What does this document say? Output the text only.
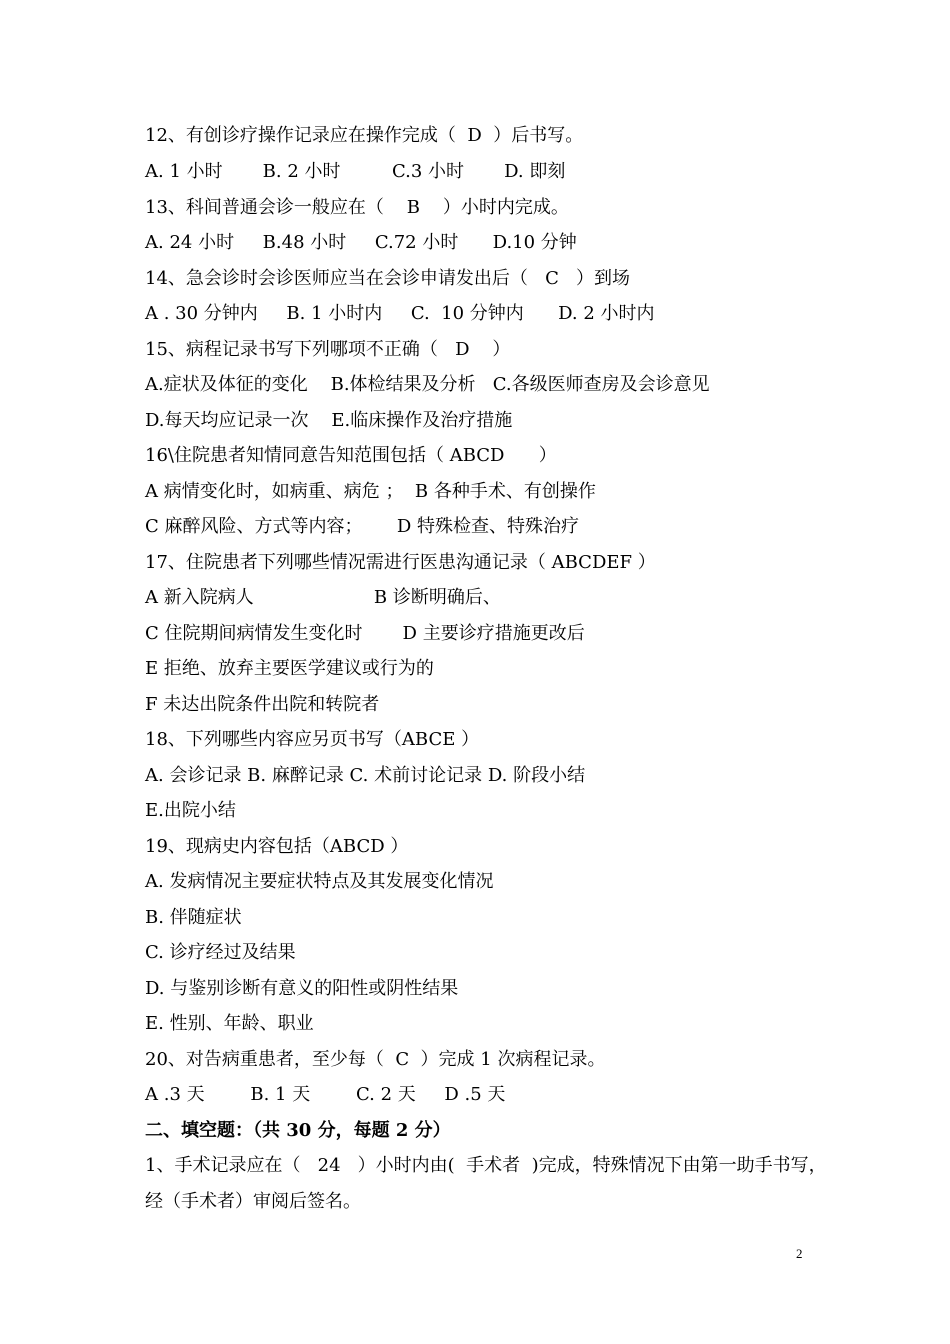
12、有创诊疗操作记录应在操作完成（  D  ）后书写。
A. 1 小时       B. 2 小时         C.3 小时       D. 即刻
13、科间普通会诊一般应在（    B    ）小时内完成。
A. 24 小时     B.48 小时     C.72 小时      D.10 分钟
14、急会诊时会诊医师应当在会诊申请发出后（   C   ）到场
A . 30 分钟内     B. 1 小时内     C.  10 分钟内      D. 2 小时内
15、病程记录书写下列哪项不正确（   D    ）
A.症状及体征的变化    B.体检结果及分析   C.各级医师查房及会诊意见
D.每天均应记录一次    E.临床操作及治疗措施
16\住院患者知情同意告知范围包括（ ABCD      ）
A 病情变化时，如病重、病危 ；  B 各种手术、有创操作
C 麻醉风险、方式等内容；      D 特殊检查、特殊治疗
17、住院患者下列哪些情况需进行医患沟通记录（ ABCDEF ）
A 新入院病人                     B 诊断明确后、
C 住院期间病情发生变化时       D 主要诊疗措施更改后
E 拒绝、放弃主要医学建议或行为的
F 未达出院条件出院和转院者
18、下列哪些内容应另页书写（ABCE ）
A. 会诊记录 B. 麻醉记录 C. 术前讨论记录 D. 阶段小结
E.出院小结
19、现病史内容包括（ABCD ）
A. 发病情况主要症状特点及其发展变化情况
B. 伴随症状
C. 诊疗经过及结果
D. 与鉴别诊断有意义的阳性或阴性结果
E. 性别、年龄、职业
20、对告病重患者，至少每（  C  ）完成 1 次病程记录。
A .3 天        B. 1 天        C. 2 天     D .5 天
二、填空题：（共 30 分，每题 2 分）
1、手术记录应在（   24   ）小时内由(  手术者  )完成，特殊情况下由第一助手书写，
经（手术者）审阅后签名。
2
